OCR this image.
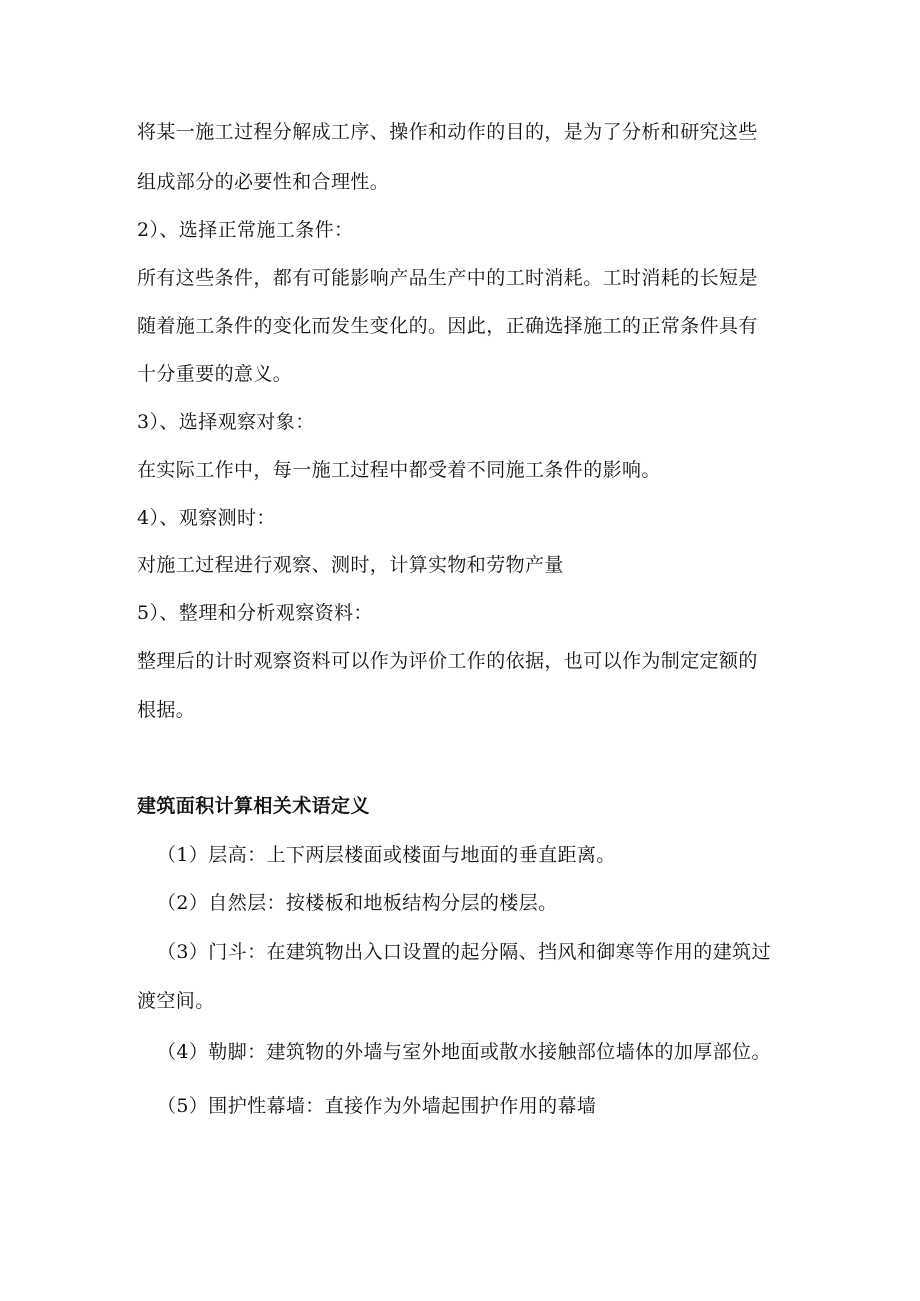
将某一施工过程分解成工序、操作和动作的目的，是为了分析和研究这些
组成部分的必要性和合理性。
2）、选择正常施工条件：
所有这些条件，都有可能影响产品生产中的工时消耗。工时消耗的长短是
随着施工条件的变化而发生变化的。因此，正确选择施工的正常条件具有
十分重要的意义。
3）、选择观察对象：
在实际工作中，每一施工过程中都受着不同施工条件的影响。
4）、观察测时：
对施工过程进行观察、测时，计算实物和劳物产量
5）、整理和分析观察资料：
整理后的计时观察资料可以作为评价工作的依据，也可以作为制定定额的
根据。
建筑面积计算相关术语定义
（1）层高：上下两层楼面或楼面与地面的垂直距离。
（2）自然层：按楼板和地板结构分层的楼层。
（3）门斗：在建筑物出入口设置的起分隔、挡风和御寒等作用的建筑过
渡空间。
（4）勒脚：建筑物的外墙与室外地面或散水接触部位墙体的加厚部位。
（5）围护性幕墙：直接作为外墙起围护作用的幕墙
